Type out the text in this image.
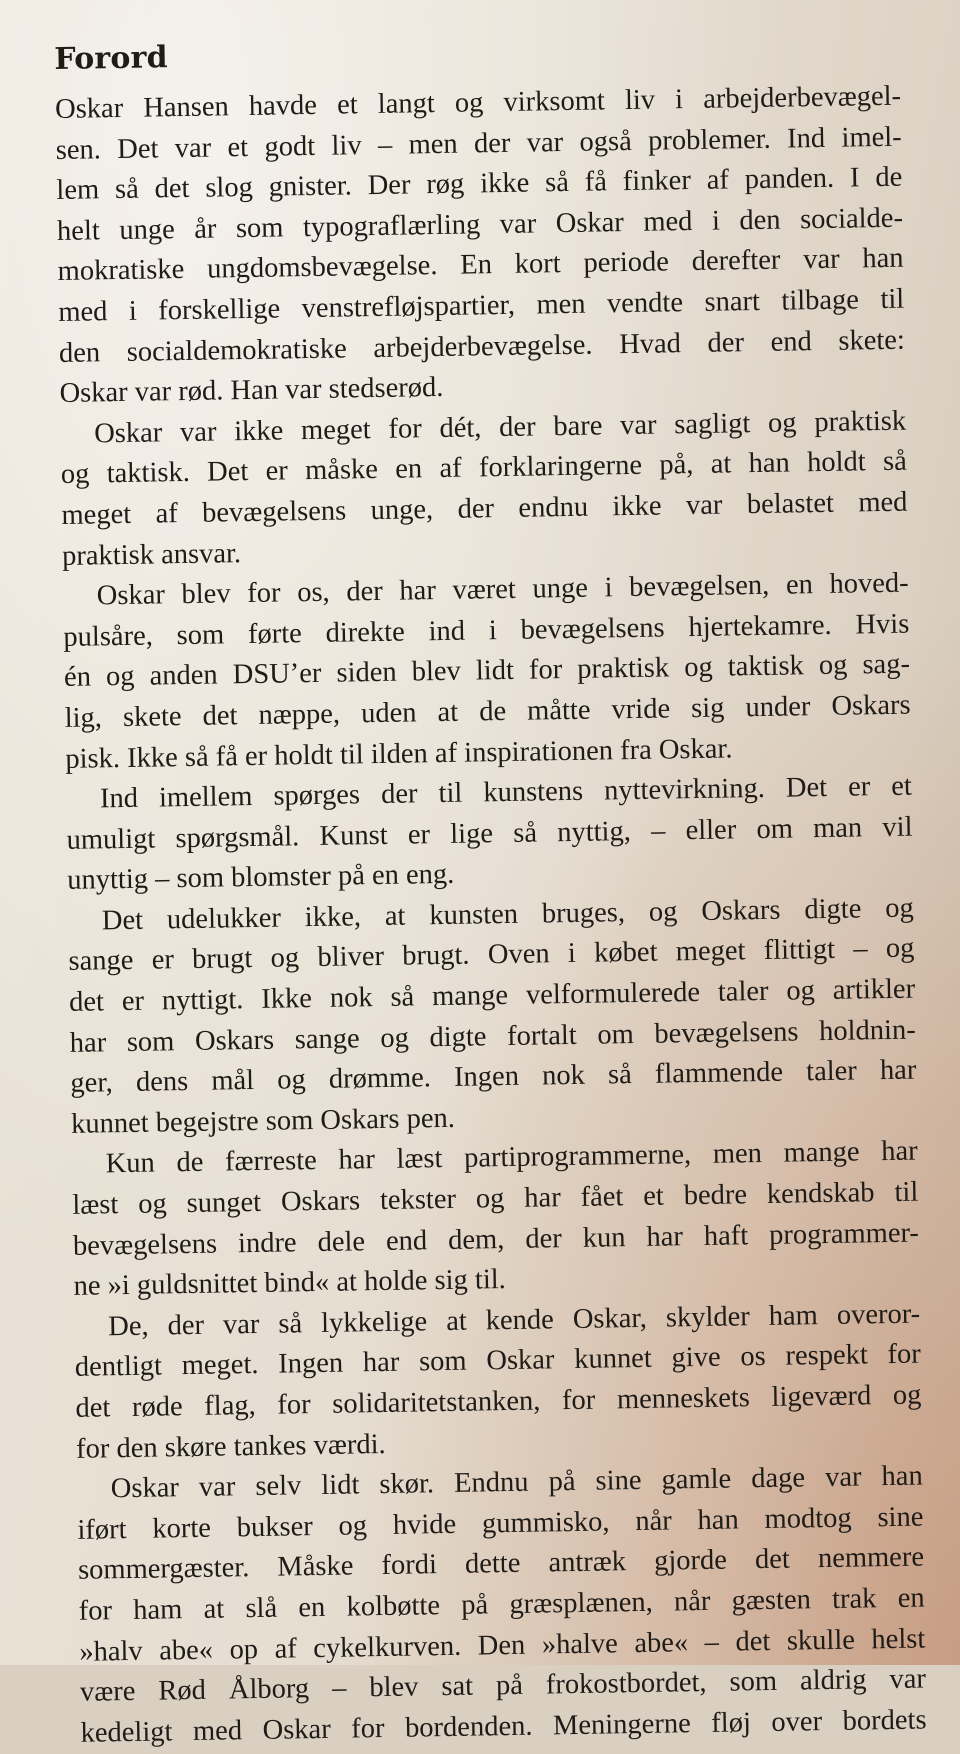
Forord
Oskar Hansen havde et langt og virksomt liv i arbejderbevægel-
sen. Det var et godt liv – men der var også problemer. Ind imel-
lem så det slog gnister. Der røg ikke så få finker af panden. I de
helt unge år som typograflærling var Oskar med i den socialde-
mokratiske ungdomsbevægelse. En kort periode derefter var han
med i forskellige venstrefløjspartier, men vendte snart tilbage til
den socialdemokratiske arbejderbevægelse. Hvad der end skete:
Oskar var rød. Han var stedserød.
Oskar var ikke meget for dét, der bare var sagligt og praktisk
og taktisk. Det er måske en af forklaringerne på, at han holdt så
meget af bevægelsens unge, der endnu ikke var belastet med
praktisk ansvar.
Oskar blev for os, der har været unge i bevægelsen, en hoved-
pulsåre, som førte direkte ind i bevægelsens hjertekamre. Hvis
én og anden DSU’er siden blev lidt for praktisk og taktisk og sag-
lig, skete det næppe, uden at de måtte vride sig under Oskars
pisk. Ikke så få er holdt til ilden af inspirationen fra Oskar.
Ind imellem spørges der til kunstens nyttevirkning. Det er et
umuligt spørgsmål. Kunst er lige så nyttig, – eller om man vil
unyttig – som blomster på en eng.
Det udelukker ikke, at kunsten bruges, og Oskars digte og
sange er brugt og bliver brugt. Oven i købet meget flittigt – og
det er nyttigt. Ikke nok så mange velformulerede taler og artikler
har som Oskars sange og digte fortalt om bevægelsens holdnin-
ger, dens mål og drømme. Ingen nok så flammende taler har
kunnet begejstre som Oskars pen.
Kun de færreste har læst partiprogrammerne, men mange har
læst og sunget Oskars tekster og har fået et bedre kendskab til
bevægelsens indre dele end dem, der kun har haft programmer-
ne »i guldsnittet bind« at holde sig til.
De, der var så lykkelige at kende Oskar, skylder ham overor-
dentligt meget. Ingen har som Oskar kunnet give os respekt for
det røde flag, for solidaritetstanken, for menneskets ligeværd og
for den skøre tankes værdi.
Oskar var selv lidt skør. Endnu på sine gamle dage var han
iført korte bukser og hvide gummisko, når han modtog sine
sommergæster. Måske fordi dette antræk gjorde det nemmere
for ham at slå en kolbøtte på græsplænen, når gæsten trak en
»halv abe« op af cykelkurven. Den »halve abe« – det skulle helst
være Rød Ålborg – blev sat på frokostbordet, som aldrig var
kedeligt med Oskar for bordenden. Meningerne fløj over bordets
